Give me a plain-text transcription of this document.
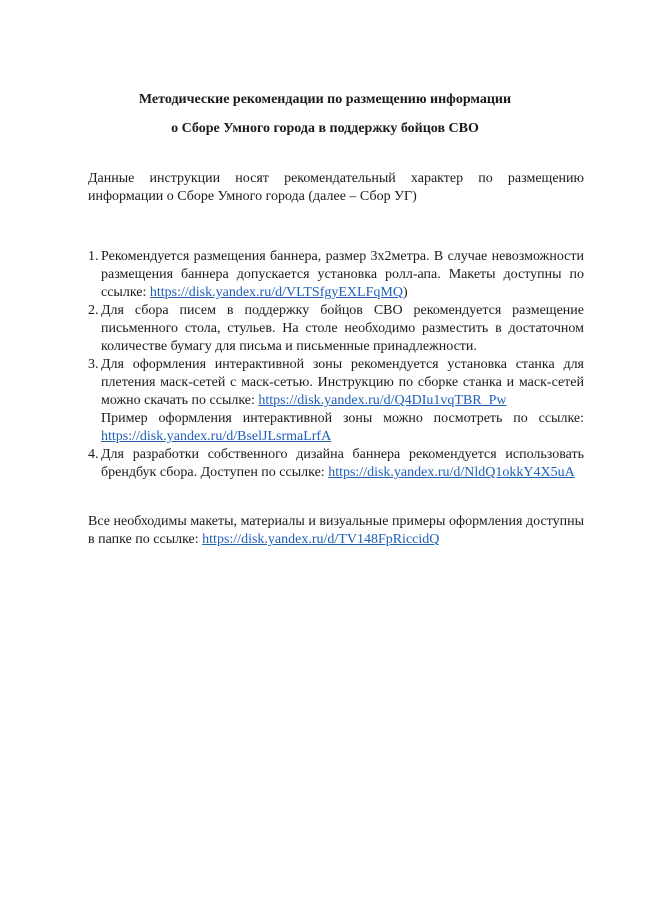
Методические рекомендации по размещению информации
о Сборе Умного города в поддержку бойцов СВО
Данные инструкции носят рекомендательный характер по размещению информации о Сборе Умного города (далее – Сбор УГ)
1. Рекомендуется размещения баннера, размер 3х2метра. В случае невозможности размещения баннера допускается установка ролл-апа. Макеты доступны по ссылке: https://disk.yandex.ru/d/VLTSfgyEXLFqMQ)
2. Для сбора писем в поддержку бойцов СВО рекомендуется размещение письменного стола, стульев. На столе необходимо разместить в достаточном количестве бумагу для письма и письменные принадлежности.
3. Для оформления интерактивной зоны рекомендуется установка станка для плетения маск-сетей с маск-сетью. Инструкцию по сборке станка и маск-сетей можно скачать по ссылке: https://disk.yandex.ru/d/Q4DIu1vqTBR_Pw
Пример оформления интерактивной зоны можно посмотреть по ссылке: https://disk.yandex.ru/d/BselJLsrmaLrfA
4. Для разработки собственного дизайна баннера рекомендуется использовать брендбук сбора. Доступен по ссылке: https://disk.yandex.ru/d/NldQ1okkY4X5uA
Все необходимы макеты, материалы и визуальные примеры оформления доступны в папке по ссылке: https://disk.yandex.ru/d/TV148FpRiccidQ
